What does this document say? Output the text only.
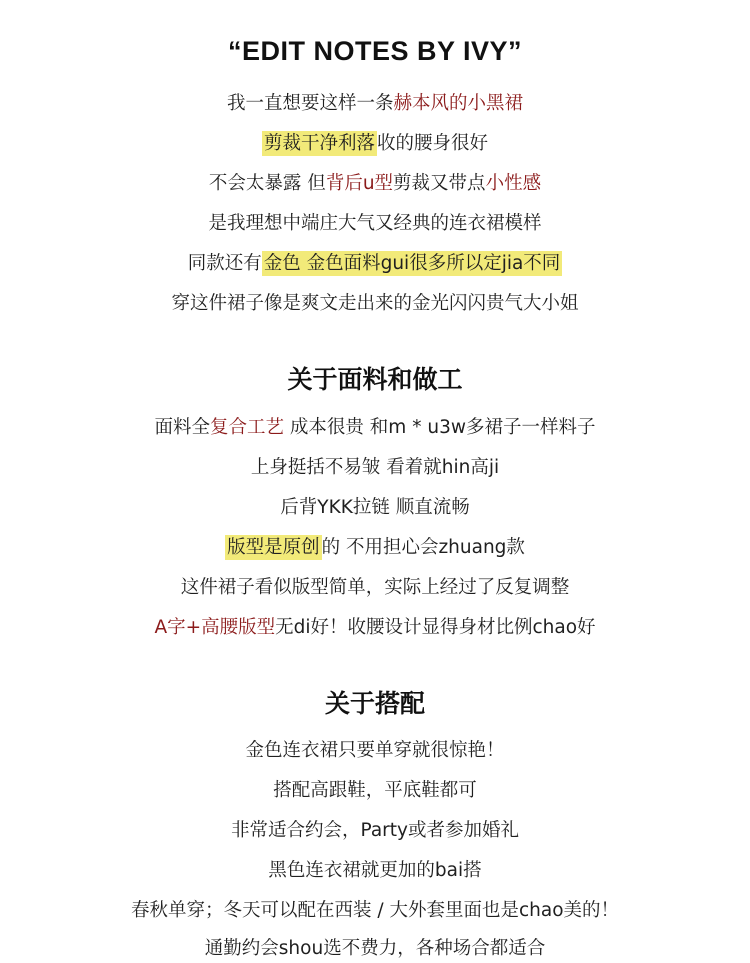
“EDIT NOTES BY IVY”
我一直想要这样一条赫本风的小黑裙
剪裁干净利落 收的腰身很好
不会太暴露 但背后u型剪裁又带点小性感
是我理想中端庄大气又经典的连衣裙模样
同款还有 金色 金色面料gui很多所以定jia不同
穿这件裙子像是爽文走出来的金光闪闪贵气大小姐
关于面料和做工
面料全复合工艺 成本很贵 和m * u3w多裙子一样料子
上身挺括不易皱 看着就hin高ji
后背YKK拉链 顺直流畅
版型是原创 的 不用担心会zhuang款
这件裙子看似版型简单，实际上经过了反复调整
A字+高腰版型无di好！收腰设计显得身材比例chao好
关于搭配
金色连衣裙只要单穿就很惊艳！
搭配高跟鞋，平底鞋都可
非常适合约会，Party或者参加婚礼
黑色连衣裙就更加的bai搭
春秋单穿；冬天可以配在西装 / 大外套里面也是chao美的！
通勤约会shou选不费力，各种场合都适合
